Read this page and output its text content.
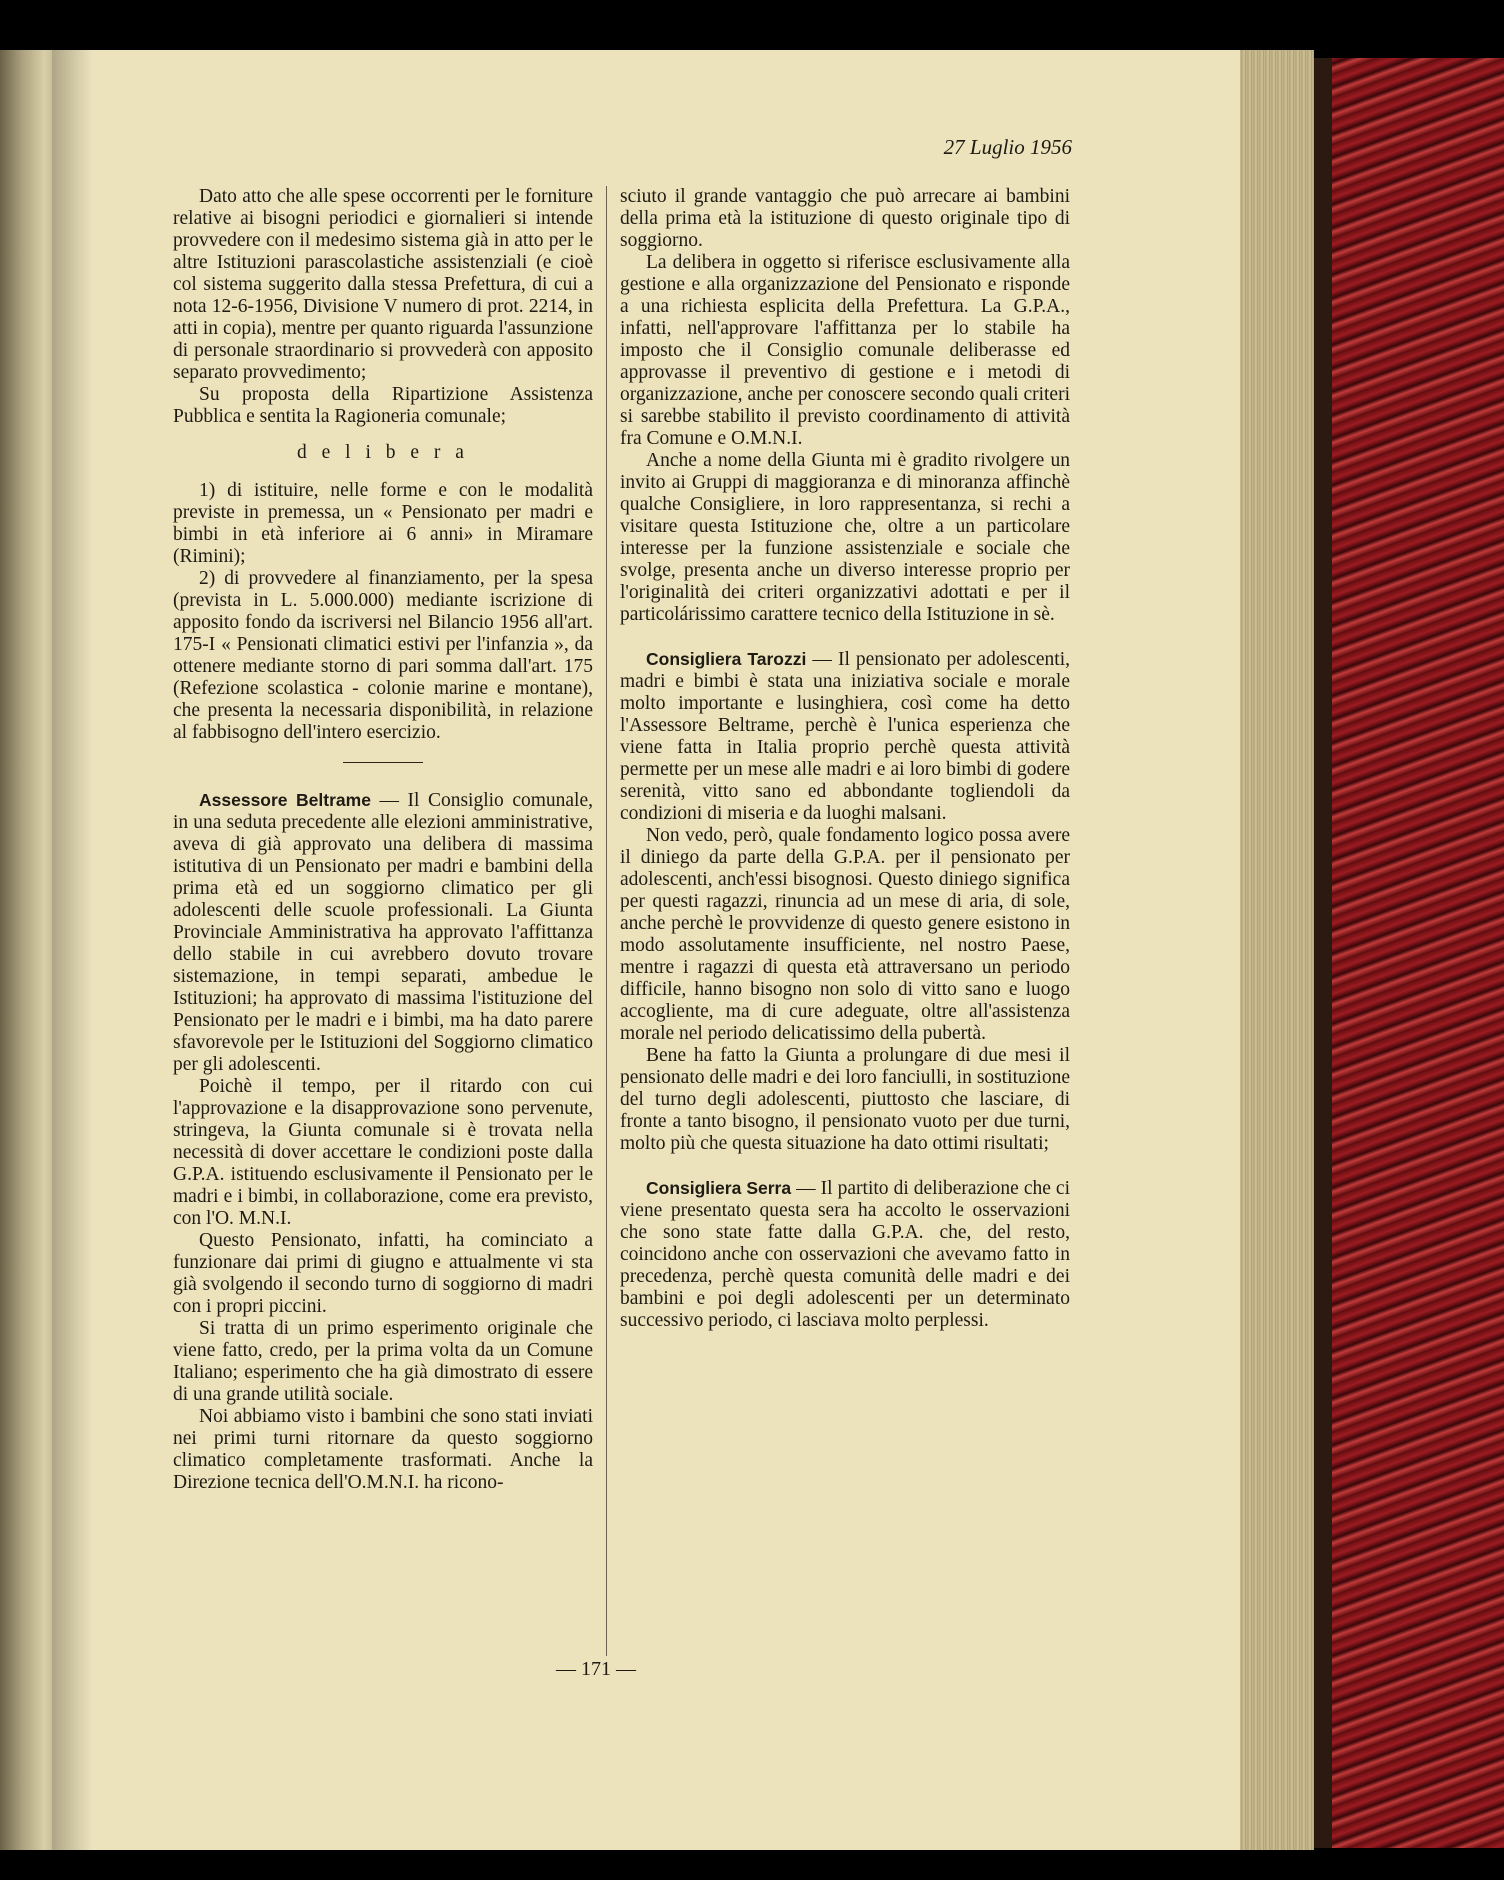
27 Luglio 1956

Dato atto che alle spese occorrenti per le forniture relative ai bisogni periodici e giornalieri si intende provvedere con il medesimo sistema già in atto per le altre Istituzioni parascolastiche assistenziali (e cioè col sistema suggerito dalla stessa Prefettura, di cui a nota 12-6-1956, Divisione V numero di prot. 2214, in atti in copia), mentre per quanto riguarda l'assunzione di personale straordinario si provvederà con apposito separato provvedimento;

Su proposta della Ripartizione Assistenza Pubblica e sentita la Ragioneria comunale;

d e l i b e r a

1) di istituire, nelle forme e con le modalità previste in premessa, un « Pensionato per madri e bimbi in età inferiore ai 6 anni» in Miramare (Rimini);

2) di provvedere al finanziamento, per la spesa (prevista in L. 5.000.000) mediante iscrizione di apposito fondo da iscriversi nel Bilancio 1956 all'art. 175-I « Pensionati climatici estivi per l'infanzia », da ottenere mediante storno di pari somma dall'art. 175 (Refezione scolastica - colonie marine e montane), che presenta la necessaria disponibilità, in relazione al fabbisogno dell'intero esercizio.

Assessore Beltrame — Il Consiglio comunale, in una seduta precedente alle elezioni amministrative, aveva di già approvato una delibera di massima istitutiva di un Pensionato per madri e bambini della prima età ed un soggiorno climatico per gli adolescenti delle scuole professionali. La Giunta Provinciale Amministrativa ha approvato l'affittanza dello stabile in cui avrebbero dovuto trovare sistemazione, in tempi separati, ambedue le Istituzioni; ha approvato di massima l'istituzione del Pensionato per le madri e i bimbi, ma ha dato parere sfavorevole per le Istituzioni del Soggiorno climatico per gli adolescenti.

Poichè il tempo, per il ritardo con cui l'approvazione e la disapprovazione sono pervenute, stringeva, la Giunta comunale si è trovata nella necessità di dover accettare le condizioni poste dalla G.P.A. istituendo esclusivamente il Pensionato per le madri e i bimbi, in collaborazione, come era previsto, con l'O. M.N.I.

Questo Pensionato, infatti, ha cominciato a funzionare dai primi di giugno e attualmente vi sta già svolgendo il secondo turno di soggiorno di madri con i propri piccini.

Si tratta di un primo esperimento originale che viene fatto, credo, per la prima volta da un Comune Italiano; esperimento che ha già dimostrato di essere di una grande utilità sociale.

Noi abbiamo visto i bambini che sono stati inviati nei primi turni ritornare da questo soggiorno climatico completamente trasformati. Anche la Direzione tecnica dell'O.M.N.I. ha ricono-

sciuto il grande vantaggio che può arrecare ai bambini della prima età la istituzione di questo originale tipo di soggiorno.

La delibera in oggetto si riferisce esclusivamente alla gestione e alla organizzazione del Pensionato e risponde a una richiesta esplicita della Prefettura. La G.P.A., infatti, nell'approvare l'affittanza per lo stabile ha imposto che il Consiglio comunale deliberasse ed approvasse il preventivo di gestione e i metodi di organizzazione, anche per conoscere secondo quali criteri si sarebbe stabilito il previsto coordinamento di attività fra Comune e O.M.N.I.

Anche a nome della Giunta mi è gradito rivolgere un invito ai Gruppi di maggioranza e di minoranza affinchè qualche Consigliere, in loro rappresentanza, si rechi a visitare questa Istituzione che, oltre a un particolare interesse per la funzione assistenziale e sociale che svolge, presenta anche un diverso interesse proprio per l'originalità dei criteri organizzativi adottati e per il particolárissimo carattere tecnico della Istituzione in sè.

Consigliera Tarozzi — Il pensionato per adolescenti, madri e bimbi è stata una iniziativa sociale e morale molto importante e lusinghiera, così come ha detto l'Assessore Beltrame, perchè è l'unica esperienza che viene fatta in Italia proprio perchè questa attività permette per un mese alle madri e ai loro bimbi di godere serenità, vitto sano ed abbondante togliendoli da condizioni di miseria e da luoghi malsani.

Non vedo, però, quale fondamento logico possa avere il diniego da parte della G.P.A. per il pensionato per adolescenti, anch'essi bisognosi. Questo diniego significa per questi ragazzi, rinuncia ad un mese di aria, di sole, anche perchè le provvidenze di questo genere esistono in modo assolutamente insufficiente, nel nostro Paese, mentre i ragazzi di questa età attraversano un periodo difficile, hanno bisogno non solo di vitto sano e luogo accogliente, ma di cure adeguate, oltre all'assistenza morale nel periodo delicatissimo della pubertà.

Bene ha fatto la Giunta a prolungare di due mesi il pensionato delle madri e dei loro fanciulli, in sostituzione del turno degli adolescenti, piuttosto che lasciare, di fronte a tanto bisogno, il pensionato vuoto per due turni, molto più che questa situazione ha dato ottimi risultati;

Consigliera Serra — Il partito di deliberazione che ci viene presentato questa sera ha accolto le osservazioni che sono state fatte dalla G.P.A. che, del resto, coincidono anche con osservazioni che avevamo fatto in precedenza, perchè questa comunità delle madri e dei bambini e poi degli adolescenti per un determinato successivo periodo, ci lasciava molto perplessi.

— 171 —
